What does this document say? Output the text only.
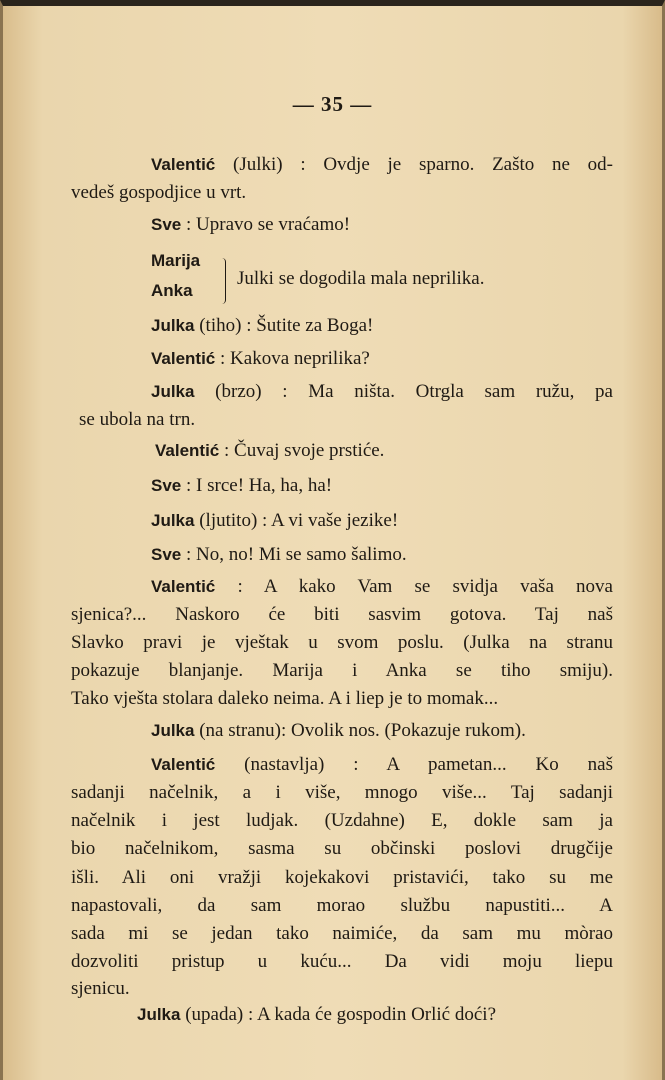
— 35 —
Valentić (Julki) : Ovdje je sparno. Zašto ne od-
vedeš gospodjice u vrt.
Sve : Upravo se vraćamo!
Marija
Julki se dogodila mala neprilika.
Anka
Julka (tiho) : Šutite za Boga!
Valentić : Kakova neprilika?
Julka (brzo) : Ma ništa. Otrgla sam ružu, pa
se ubola na trn.
Valentić : Čuvaj svoje prstiće.
Sve : I srce! Ha, ha, ha!
Julka (ljutito) : A vi vaše jezike!
Sve : No, no! Mi se samo šalimo.
Valentić : A kako Vam se svidja vaša nova
sjenica?... Naskoro će biti sasvim gotova. Taj naš
Slavko pravi je vještak u svom poslu. (Julka na stranu
pokazuje blanjanje. Marija i Anka se tiho smiju).
Tako vješta stolara daleko neima. A i liep je to momak...
Julka (na stranu): Ovolik nos. (Pokazuje rukom).
Valentić (nastavlja) : A pametan... Ko naš
sadanji načelnik, a i više, mnogo više... Taj sadanji
načelnik i jest ludjak. (Uzdahne) E, dokle sam ja
bio načelnikom, sasma su občinski poslovi drugčije
išli. Ali oni vražji kojekakovi pristavići, tako su me
napastovali, da sam morao službu napustiti... A
sada mi se jedan tako naimiće, da sam mu mòrao
dozvoliti pristup u kuću... Da vidi moju liepu
sjenicu.
Julka (upada) : A kada će gospodin Orlić doći?
